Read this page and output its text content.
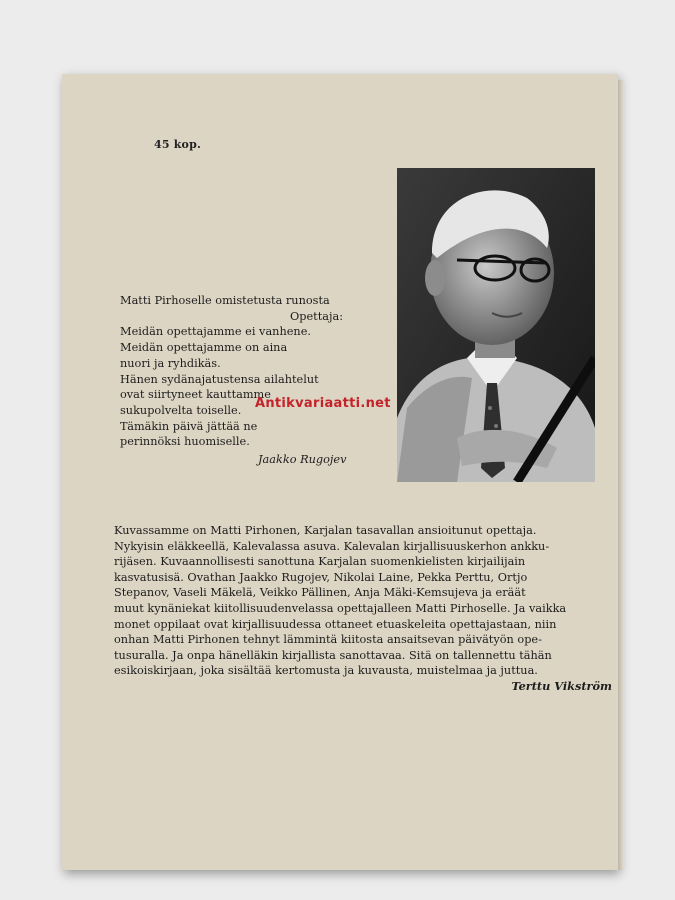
45 kop.
Matti Pirhoselle omistetusta runosta
Opettaja:
Meidän opettajamme ei vanhene.
Meidän opettajamme on aina
nuori ja ryhdikäs.
Hänen sydänajatustensa ailahtelut
ovat siirtyneet kauttamme
sukupolvelta toiselle.
Tämäkin päivä jättää ne
perinnöksi huomiselle.
Jaakko Rugojev
Kuvassamme on Matti Pirhonen, Karjalan tasavallan ansioitunut opettaja.
Nykyisin eläkkeellä, Kalevalassa asuva. Kalevalan kirjallisuuskerhon ankku-
rijäsen. Kuvaannollisesti sanottuna Karjalan suomenkielisten kirjailijain
kasvatusisä. Ovathan Jaakko Rugojev, Nikolai Laine, Pekka Perttu, Ortjo
Stepanov, Vaseli Mäkelä, Veikko Pällinen, Anja Mäki-Kemsujeva ja eräät
muut kynäniekat kiitollisuudenvelassa opettajalleen Matti Pirhoselle. Ja vaikka
monet oppilaat ovat kirjallisuudessa ottaneet etuaskeleita opettajastaan, niin
onhan Matti Pirhonen tehnyt lämmintä kiitosta ansaitsevan päivätyön ope-
tusuralla. Ja onpa hänelläkin kirjallista sanottavaa. Sitä on tallennettu tähän
esikoiskirjaan, joka sisältää kertomusta ja kuvausta, muistelmaa ja juttua.
Terttu Vikström
Antikvariaatti.net
